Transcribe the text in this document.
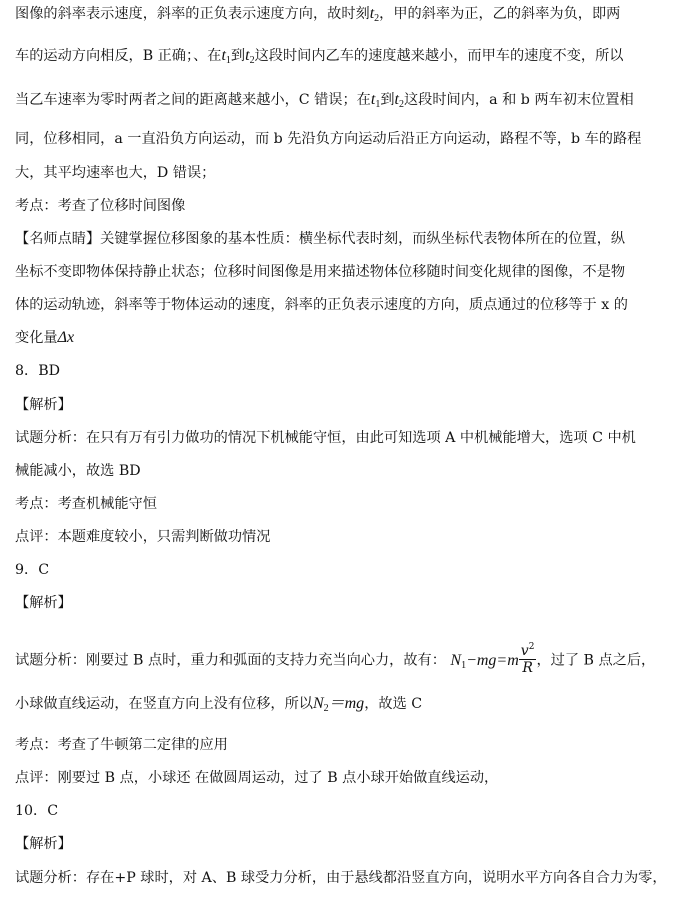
图像的斜率表示速度，斜率的正负表示速度方向，故时刻$t_2$，甲的斜率为正，乙的斜率为负，即两
车的运动方向相反，B 正确；、在$t_1$到$t_2$这段时间内乙车的速度越来越小，而甲车的速度不变，所以
当乙车速率为零时两者之间的距离越来越小，C 错误；在$t_1$到$t_2$这段时间内，a 和 b 两车初末位置相
同，位移相同，a 一直沿负方向运动，而 b 先沿负方向运动后沿正方向运动，路程不等，b 车的路程
大，其平均速率也大，D 错误；
考点：考查了位移时间图像
【名师点睛】关键掌握位移图象的基本性质：横坐标代表时刻，而纵坐标代表物体所在的位置，纵
坐标不变即物体保持静止状态；位移时间图像是用来描述物体位移随时间变化规律的图像，不是物
体的运动轨迹，斜率等于物体运动的速度，斜率的正负表示速度的方向，质点通过的位移等于 x 的
变化量Δx
8．BD
【解析】
试题分析：在只有万有引力做功的情况下机械能守恒，由此可知选项 A 中机械能增大，选项 C 中机
械能减小，故选 BD
考点：考查机械能守恒
点评：本题难度较小，只需判断做功情况
9．C
【解析】
试题分析：刚要过 B 点时，重力和弧面的支持力充当向心力，故有： $N_1-mg=m \frac{v^2}{R}$ ，过了 B 点之后，
小球做直线运动，在竖直方向上没有位移，所以$N_2=mg$，故选 C
考点：考查了牛顿第二定律的应用
点评：刚要过 B 点，小球还 在做圆周运动，过了 B 点小球开始做直线运动，
10．C
【解析】
试题分析：存在+P 球时，对 A、B 球受力分析，由于悬线都沿竖直方向，说明水平方向各自合力为零，
